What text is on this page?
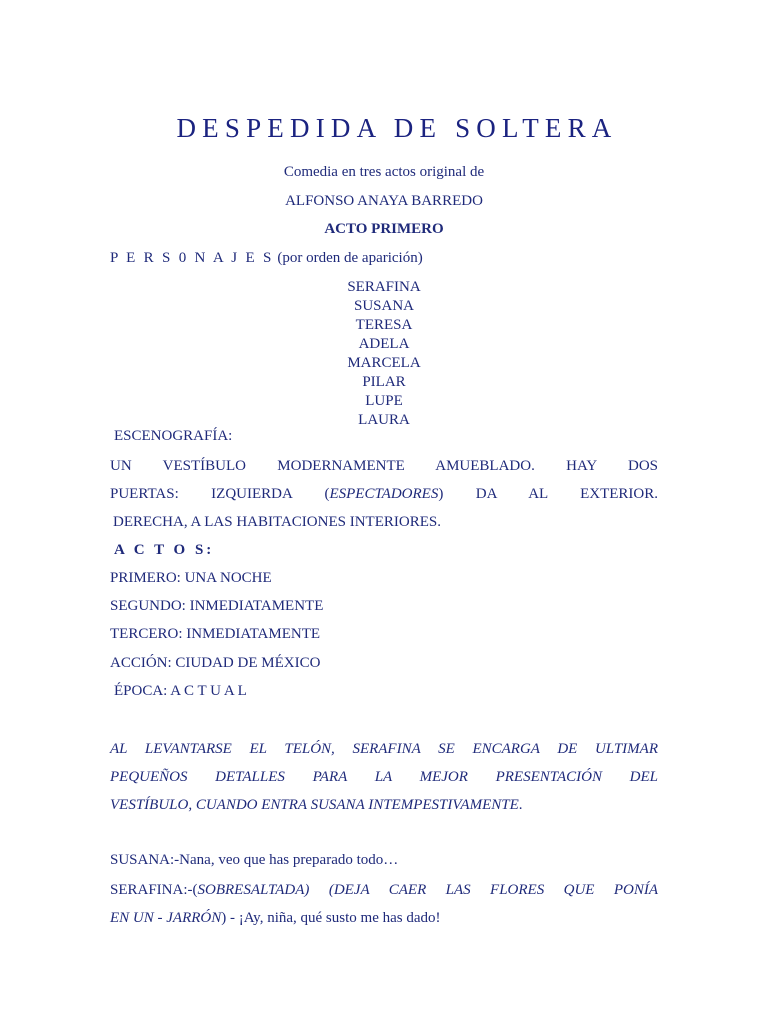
DESPEDIDA DE SOLTERA
Comedia en tres actos original de
ALFONSO ANAYA BARREDO
ACTO PRIMERO
P E R S 0 N A J E S (por orden de aparición)
SERAFINA
SUSANA
TERESA
ADELA
MARCELA
PILAR
LUPE
LAURA
ESCENOGRAFÍA:
UN VESTÍBULO MODERNAMENTE AMUEBLADO. HAY DOS
PUERTAS: IZQUIERDA (ESPECTADORES) DA AL EXTERIOR.
DERECHA, A LAS HABITACIONES INTERIORES.
A C T O S:
PRIMERO: UNA NOCHE
SEGUNDO: INMEDIATAMENTE
TERCERO: INMEDIATAMENTE
ACCIÓN: CIUDAD DE MÉXICO
ÉPOCA: A C T U A L
AL LEVANTARSE EL TELÓN, SERAFINA SE ENCARGA DE ULTIMAR
PEQUEÑOS DETALLES PARA LA MEJOR PRESENTACIÓN DEL
VESTÍBULO, CUANDO ENTRA SUSANA INTEMPESTIVAMENTE.
SUSANA:-Nana, veo que has preparado todo…
SERAFINA:-(SOBRESALTADA) (DEJA CAER LAS FLORES QUE PONÍA
EN UN - JARRÓN) - ¡Ay, niña, qué susto me has dado!
